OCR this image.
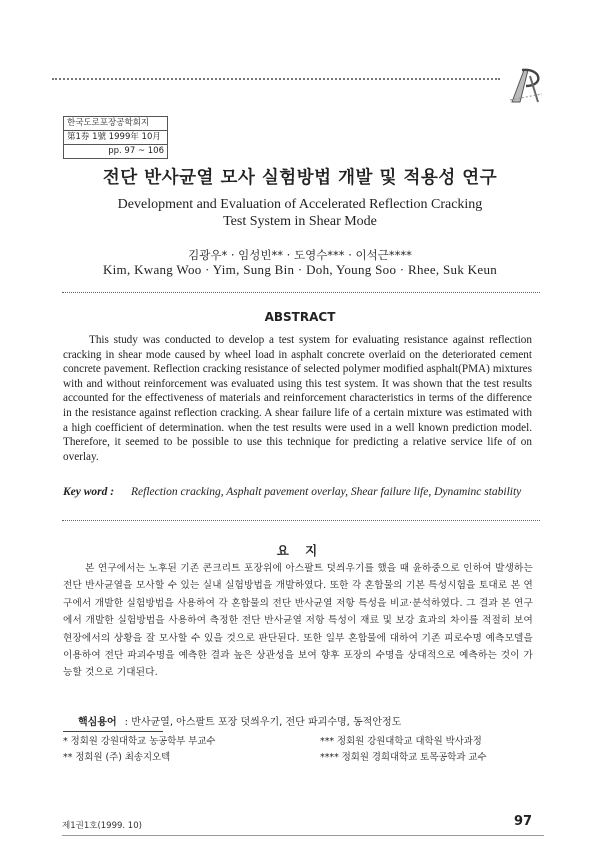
한국도로포장공학회지
第1券 1號 1999年 10月
pp. 97 ~ 106
전단 반사균열 모사 실험방법 개발 및 적용성 연구
Development and Evaluation of Accelerated Reflection Cracking
Test System in Shear Mode
김광우* · 임성빈** · 도영수*** · 이석근****
Kim, Kwang Woo · Yim, Sung Bin · Doh, Young Soo · Rhee, Suk Keun
ABSTRACT
This study was conducted to develop a test system for evaluating resistance against reflection cracking in shear mode caused by wheel load in asphalt concrete overlaid on the deteriorated cement concrete pavement. Reflection cracking resistance of selected polymer modified asphalt(PMA) mixtures with and without reinforcement was evaluated using this test system. It was shown that the test results accounted for the effectiveness of materials and reinforcement characteristics in terms of the difference in the resistance against reflection cracking. A shear failure life of a certain mixture was estimated with a high coefficient of determination. when the test results were used in a well known prediction model. Therefore, it seemed to be possible to use this technique for predicting a relative service life of on overlay.
Key word : Reflection cracking, Asphalt pavement overlay, Shear failure life, Dynaminc stability
요 지
본 연구에서는 노후된 기존 콘크리트 포장위에 아스팔트 덧씌우기를 했을 때 윤하중으로 인하여 발생하는 전단 반사균열을 모사할 수 있는 실내 실험방법을 개발하였다. 또한 각 혼합물의 기본 특성시험을 토대로 본 연구에서 개발한 실험방법을 사용하여 각 혼합물의 전단 반사균열 저항 특성을 비교·분석하였다. 그 결과 본 연구에서 개발한 실험방법을 사용하여 측정한 전단 반사균열 저항 특성이 재료 및 보강 효과의 차이를 적절히 보여 현장에서의 상황을 잘 모사할 수 있을 것으로 판단된다. 또한 일부 혼합물에 대하여 기존 피로수명 예측모델을 이용하여 전단 파괴수명을 예측한 결과 높은 상관성을 보여 향후 포장의 수명을 상대적으로 예측하는 것이 가능할 것으로 기대된다.
핵심용어 : 반사균열, 아스팔트 포장 덧씌우기, 전단 파괴수명, 동적안정도
* 정회원 강원대학교 농공학부 부교수
** 정회원 (주) 최송지오텍
*** 정회원 강원대학교 대학원 박사과정
**** 정회원 경희대학교 토목공학과 교수
제1권1호(1999. 10)	97
